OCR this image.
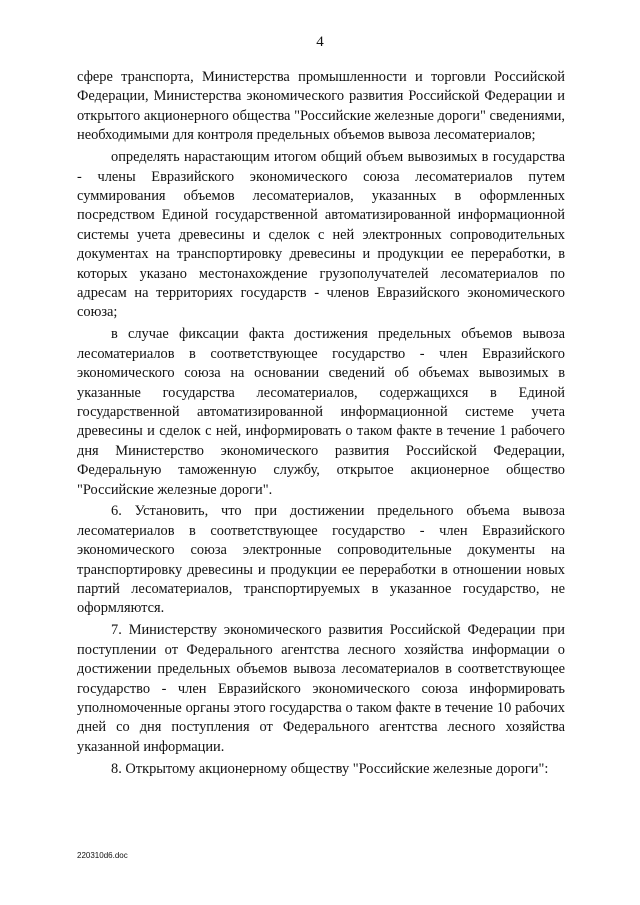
4

сфере транспорта, Министерства промышленности и торговли Российской Федерации, Министерства экономического развития Российской Федерации и открытого акционерного общества "Российские железные дороги" сведениями, необходимыми для контроля предельных объемов вывоза лесоматериалов;

определять нарастающим итогом общий объем вывозимых в государства - члены Евразийского экономического союза лесоматериалов путем суммирования объемов лесоматериалов, указанных в оформленных посредством Единой государственной автоматизированной информационной системы учета древесины и сделок с ней электронных сопроводительных документах на транспортировку древесины и продукции ее переработки, в которых указано местонахождение грузополучателей лесоматериалов по адресам на территориях государств - членов Евразийского экономического союза;

в случае фиксации факта достижения предельных объемов вывоза лесоматериалов в соответствующее государство - член Евразийского экономического союза на основании сведений об объемах вывозимых в указанные государства лесоматериалов, содержащихся в Единой государственной автоматизированной информационной системе учета древесины и сделок с ней, информировать о таком факте в течение 1 рабочего дня Министерство экономического развития Российской Федерации, Федеральную таможенную службу, открытое акционерное общество "Российские железные дороги".

6. Установить, что при достижении предельного объема вывоза лесоматериалов в соответствующее государство - член Евразийского экономического союза электронные сопроводительные документы на транспортировку древесины и продукции ее переработки в отношении новых партий лесоматериалов, транспортируемых в указанное государство, не оформляются.

7. Министерству экономического развития Российской Федерации при поступлении от Федерального агентства лесного хозяйства информации о достижении предельных объемов вывоза лесоматериалов в соответствующее государство - член Евразийского экономического союза информировать уполномоченные органы этого государства о таком факте в течение 10 рабочих дней со дня поступления от Федерального агентства лесного хозяйства указанной информации.

8. Открытому акционерному обществу "Российские железные дороги":

220310d6.doc
